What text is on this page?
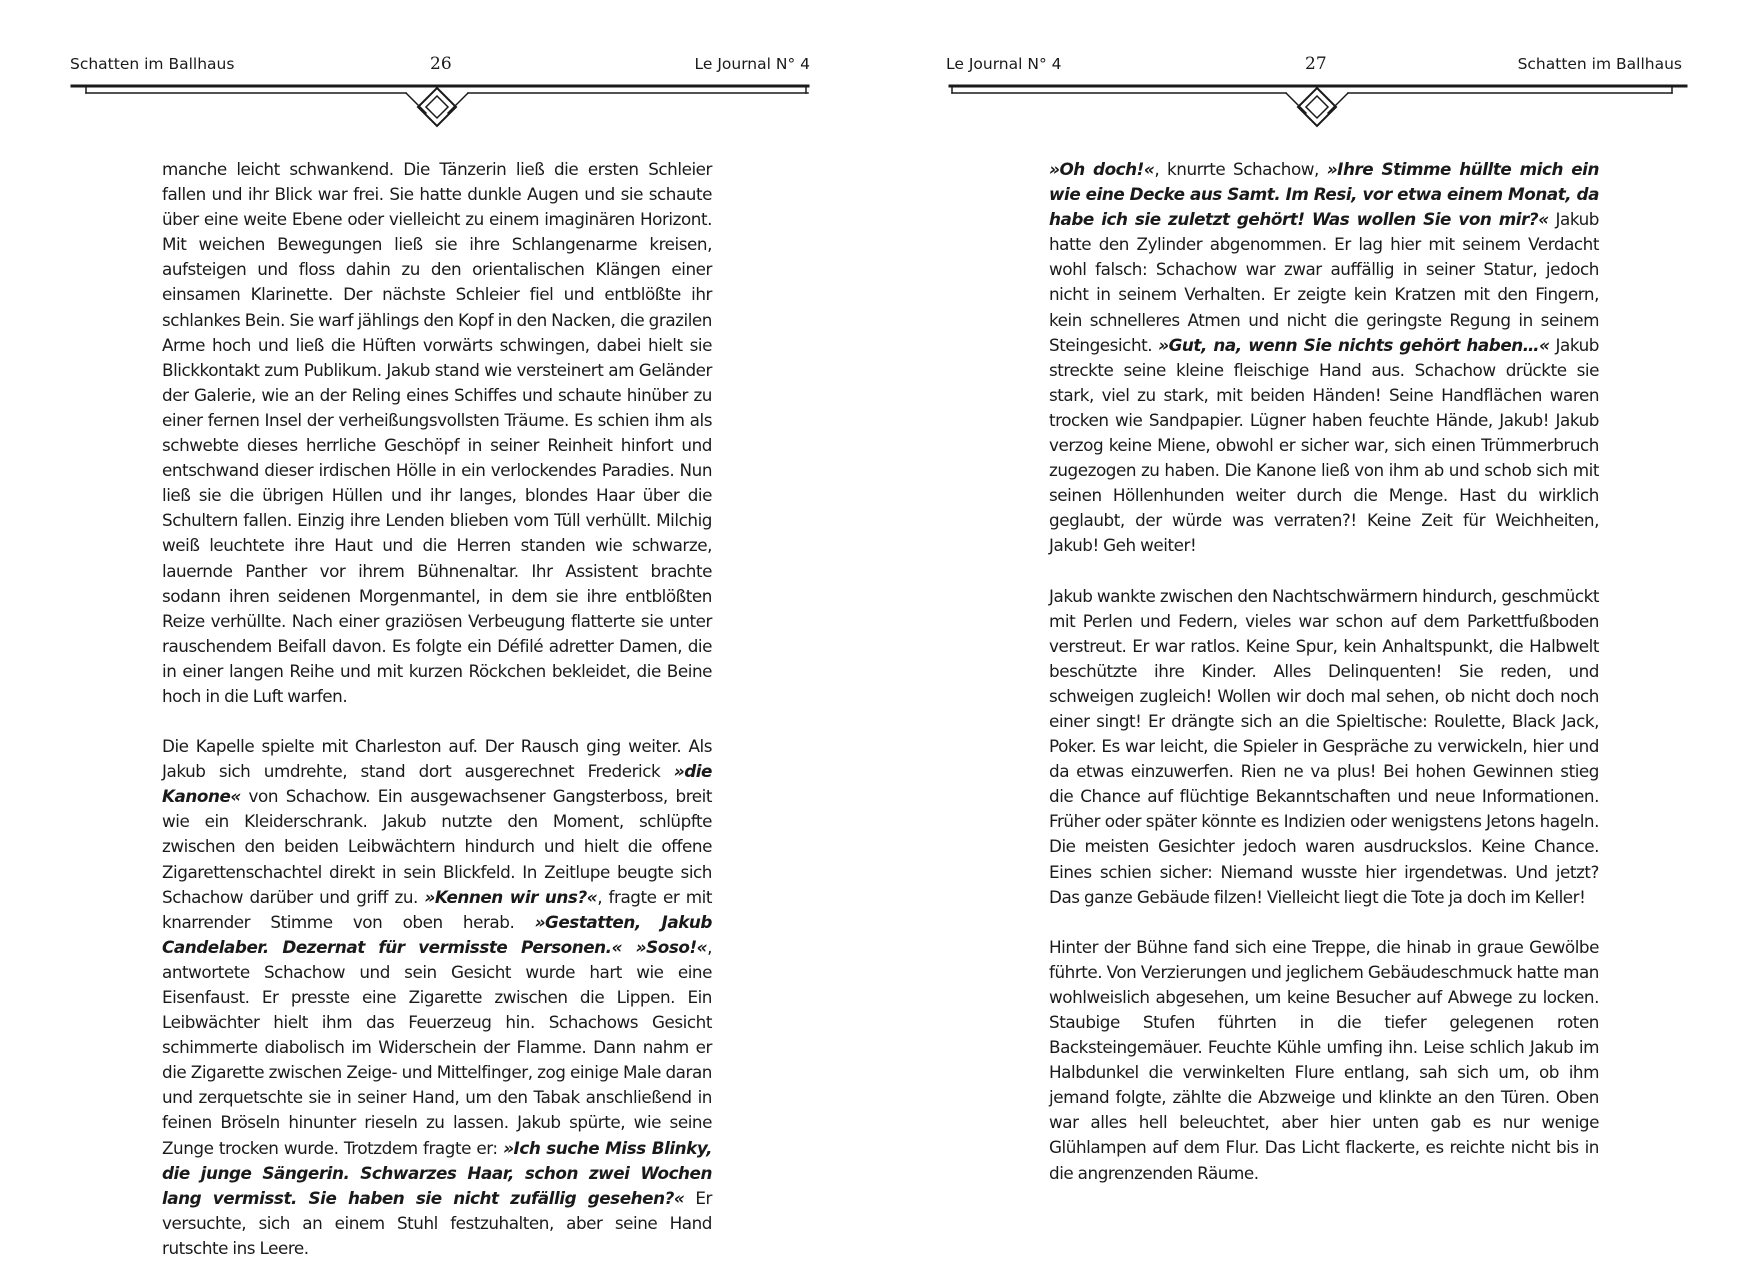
Schatten im Ballhaus	26	Le Journal N° 4

manche leicht schwankend. Die Tänzerin ließ die ersten Schleier fallen und ihr Blick war frei. Sie hatte dunkle Augen und sie schaute über eine weite Ebene oder vielleicht zu einem imaginären Horizont. Mit weichen Bewegungen ließ sie ihre Schlangenarme kreisen, aufsteigen und floss dahin zu den orientalischen Klängen einer einsamen Klarinette. Der nächste Schleier fiel und entblößte ihr schlankes Bein. Sie warf jählings den Kopf in den Nacken, die grazilen Arme hoch und ließ die Hüften vorwärts schwingen, dabei hielt sie Blickkontakt zum Publikum. Jakub stand wie versteinert am Geländer der Galerie, wie an der Reling eines Schiffes und schaute hinüber zu einer fernen Insel der verheißungsvollsten Träume. Es schien ihm als schwebte dieses herrliche Geschöpf in seiner Reinheit hinfort und entschwand dieser irdischen Hölle in ein verlockendes Paradies. Nun ließ sie die übrigen Hüllen und ihr langes, blondes Haar über die Schultern fallen. Einzig ihre Lenden blieben vom Tüll verhüllt. Milchig weiß leuchtete ihre Haut und die Herren standen wie schwarze, lauernde Panther vor ihrem Bühnenaltar. Ihr Assistent brachte sodann ihren seidenen Morgenmantel, in dem sie ihre entblößten Reize verhüllte. Nach einer graziösen Verbeugung flatterte sie unter rauschendem Beifall davon. Es folgte ein Défilé adretter Damen, die in einer langen Reihe und mit kurzen Röckchen bekleidet, die Beine hoch in die Luft warfen.

Die Kapelle spielte mit Charleston auf. Der Rausch ging weiter. Als Jakub sich umdrehte, stand dort ausgerechnet Frederick »die Kanone« von Schachow. Ein ausgewachsener Gangsterboss, breit wie ein Kleiderschrank. Jakub nutzte den Moment, schlüpfte zwischen den beiden Leibwächtern hindurch und hielt die offene Zigarettenschachtel direkt in sein Blickfeld. In Zeitlupe beugte sich Schachow darüber und griff zu. »Kennen wir uns?«, fragte er mit knarrender Stimme von oben herab. »Gestatten, Jakub Candelaber. Dezernat für vermisste Personen.« »Soso!«, antwortete Schachow und sein Gesicht wurde hart wie eine Eisenfaust. Er presste eine Zigarette zwischen die Lippen. Ein Leibwächter hielt ihm das Feuerzeug hin. Schachows Gesicht schimmerte diabolisch im Widerschein der Flamme. Dann nahm er die Zigarette zwischen Zeige- und Mittelfinger, zog einige Male daran und zerquetschte sie in seiner Hand, um den Tabak anschließend in feinen Bröseln hinunter rieseln zu lassen. Jakub spürte, wie seine Zunge trocken wurde. Trotzdem fragte er: »Ich suche Miss Blinky, die junge Sängerin. Schwarzes Haar, schon zwei Wochen lang vermisst. Sie haben sie nicht zufällig gesehen?« Er versuchte, sich an einem Stuhl festzuhalten, aber seine Hand rutschte ins Leere.

Le Journal N° 4	27	Schatten im Ballhaus

»Oh doch!«, knurrte Schachow, »Ihre Stimme hüllte mich ein wie eine Decke aus Samt. Im Resi, vor etwa einem Monat, da habe ich sie zuletzt gehört! Was wollen Sie von mir?« Jakub hatte den Zylinder abgenommen. Er lag hier mit seinem Verdacht wohl falsch: Schachow war zwar auffällig in seiner Statur, jedoch nicht in seinem Verhalten. Er zeigte kein Kratzen mit den Fingern, kein schnelleres Atmen und nicht die geringste Regung in seinem Steingesicht. »Gut, na, wenn Sie nichts gehört haben…« Jakub streckte seine kleine fleischige Hand aus. Schachow drückte sie stark, viel zu stark, mit beiden Händen! Seine Handflächen waren trocken wie Sandpapier. Lügner haben feuchte Hände, Jakub! Jakub verzog keine Miene, obwohl er sicher war, sich einen Trümmerbruch zugezogen zu haben. Die Kanone ließ von ihm ab und schob sich mit seinen Höllenhunden weiter durch die Menge. Hast du wirklich geglaubt, der würde was verraten?! Keine Zeit für Weichheiten, Jakub! Geh weiter!

Jakub wankte zwischen den Nachtschwärmern hindurch, geschmückt mit Perlen und Federn, vieles war schon auf dem Parkettfußboden verstreut. Er war ratlos. Keine Spur, kein Anhaltspunkt, die Halbwelt beschützte ihre Kinder. Alles Delinquenten! Sie reden, und schweigen zugleich! Wollen wir doch mal sehen, ob nicht doch noch einer singt! Er drängte sich an die Spieltische: Roulette, Black Jack, Poker. Es war leicht, die Spieler in Gespräche zu verwickeln, hier und da etwas einzuwerfen. Rien ne va plus! Bei hohen Gewinnen stieg die Chance auf flüchtige Bekanntschaften und neue Informationen. Früher oder später könnte es Indizien oder wenigstens Jetons hageln. Die meisten Gesichter jedoch waren ausdruckslos. Keine Chance. Eines schien sicher: Niemand wusste hier irgendetwas. Und jetzt? Das ganze Gebäude filzen! Vielleicht liegt die Tote ja doch im Keller!

Hinter der Bühne fand sich eine Treppe, die hinab in graue Gewölbe führte. Von Verzierungen und jeglichem Gebäudeschmuck hatte man wohlweislich abgesehen, um keine Besucher auf Abwege zu locken. Staubige Stufen führten in die tiefer gelegenen roten Backsteingemäuer. Feuchte Kühle umfing ihn. Leise schlich Jakub im Halbdunkel die verwinkelten Flure entlang, sah sich um, ob ihm jemand folgte, zählte die Abzweige und klinkte an den Türen. Oben war alles hell beleuchtet, aber hier unten gab es nur wenige Glühlampen auf dem Flur. Das Licht flackerte, es reichte nicht bis in die angrenzenden Räume.
